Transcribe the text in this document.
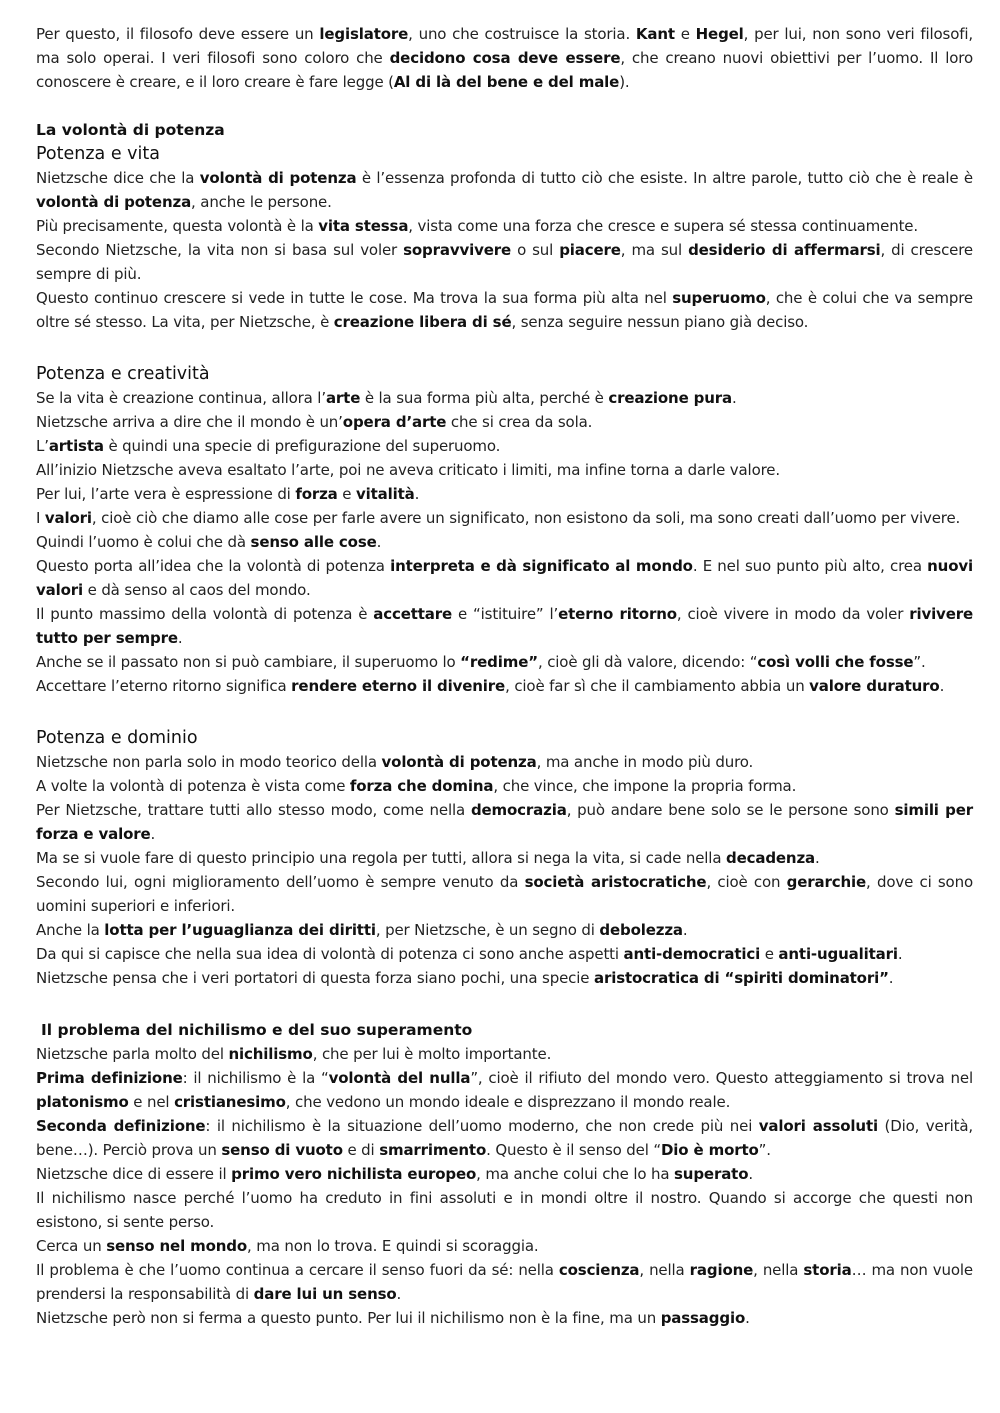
Per questo, il filosofo deve essere un legislatore, uno che costruisce la storia. Kant e Hegel, per lui, non sono veri filosofi, ma solo operai. I veri filosofi sono coloro che decidono cosa deve essere, che creano nuovi obiettivi per l’uomo. Il loro conoscere è creare, e il loro creare è fare legge (Al di là del bene e del male).
La volontà di potenza
Potenza e vita
Nietzsche dice che la volontà di potenza è l’essenza profonda di tutto ciò che esiste. In altre parole, tutto ciò che è reale è volontà di potenza, anche le persone.
Più precisamente, questa volontà è la vita stessa, vista come una forza che cresce e supera sé stessa continuamente.
Secondo Nietzsche, la vita non si basa sul voler sopravvivere o sul piacere, ma sul desiderio di affermarsi, di crescere sempre di più.
Questo continuo crescere si vede in tutte le cose. Ma trova la sua forma più alta nel superuomo, che è colui che va sempre oltre sé stesso. La vita, per Nietzsche, è creazione libera di sé, senza seguire nessun piano già deciso.
Potenza e creatività
Se la vita è creazione continua, allora l’arte è la sua forma più alta, perché è creazione pura.
Nietzsche arriva a dire che il mondo è un’opera d’arte che si crea da sola.
L’artista è quindi una specie di prefigurazione del superuomo.
All’inizio Nietzsche aveva esaltato l’arte, poi ne aveva criticato i limiti, ma infine torna a darle valore.
Per lui, l’arte vera è espressione di forza e vitalità.
I valori, cioè ciò che diamo alle cose per farle avere un significato, non esistono da soli, ma sono creati dall’uomo per vivere.
Quindi l’uomo è colui che dà senso alle cose.
Questo porta all’idea che la volontà di potenza interpreta e dà significato al mondo. E nel suo punto più alto, crea nuovi valori e dà senso al caos del mondo.
Il punto massimo della volontà di potenza è accettare e “istituire” l’eterno ritorno, cioè vivere in modo da voler rivivere tutto per sempre.
Anche se il passato non si può cambiare, il superuomo lo “redime”, cioè gli dà valore, dicendo: “così volli che fosse”.
Accettare l’eterno ritorno significa rendere eterno il divenire, cioè far sì che il cambiamento abbia un valore duraturo.
Potenza e dominio
Nietzsche non parla solo in modo teorico della volontà di potenza, ma anche in modo più duro.
A volte la volontà di potenza è vista come forza che domina, che vince, che impone la propria forma.
Per Nietzsche, trattare tutti allo stesso modo, come nella democrazia, può andare bene solo se le persone sono simili per forza e valore.
Ma se si vuole fare di questo principio una regola per tutti, allora si nega la vita, si cade nella decadenza.
Secondo lui, ogni miglioramento dell’uomo è sempre venuto da società aristocratiche, cioè con gerarchie, dove ci sono uomini superiori e inferiori.
Anche la lotta per l’uguaglianza dei diritti, per Nietzsche, è un segno di debolezza.
Da qui si capisce che nella sua idea di volontà di potenza ci sono anche aspetti anti-democratici e anti-ugualitari.
Nietzsche pensa che i veri portatori di questa forza siano pochi, una specie aristocratica di “spiriti dominatori”.
Il problema del nichilismo e del suo superamento
Nietzsche parla molto del nichilismo, che per lui è molto importante.
Prima definizione: il nichilismo è la “volontà del nulla”, cioè il rifiuto del mondo vero. Questo atteggiamento si trova nel platonismo e nel cristianesimo, che vedono un mondo ideale e disprezzano il mondo reale.
Seconda definizione: il nichilismo è la situazione dell’uomo moderno, che non crede più nei valori assoluti (Dio, verità, bene…). Perciò prova un senso di vuoto e di smarrimento. Questo è il senso del “Dio è morto”.
Nietzsche dice di essere il primo vero nichilista europeo, ma anche colui che lo ha superato.
Il nichilismo nasce perché l’uomo ha creduto in fini assoluti e in mondi oltre il nostro. Quando si accorge che questi non esistono, si sente perso.
Cerca un senso nel mondo, ma non lo trova. E quindi si scoraggia.
Il problema è che l’uomo continua a cercare il senso fuori da sé: nella coscienza, nella ragione, nella storia… ma non vuole prendersi la responsabilità di dare lui un senso.
Nietzsche però non si ferma a questo punto. Per lui il nichilismo non è la fine, ma un passaggio.
